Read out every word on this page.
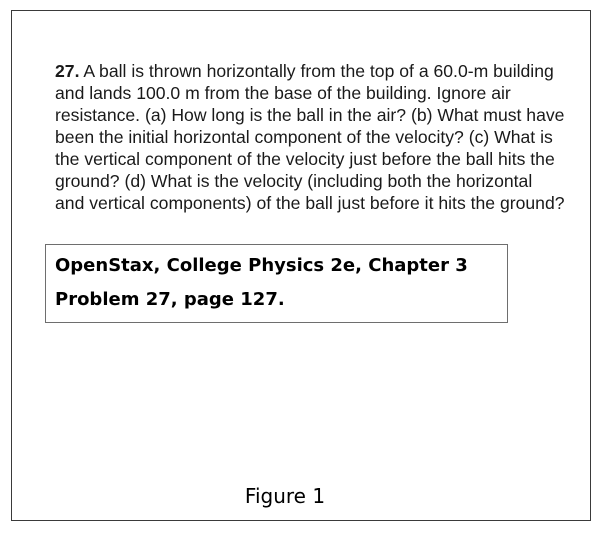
27. A ball is thrown horizontally from the top of a 60.0-m building and lands 100.0 m from the base of the building. Ignore air resistance. (a) How long is the ball in the air? (b) What must have been the initial horizontal component of the velocity? (c) What is the vertical component of the velocity just before the ball hits the ground? (d) What is the velocity (including both the horizontal and vertical components) of the ball just before it hits the ground?
OpenStax, College Physics 2e, Chapter 3
Problem 27, page 127.
Figure 1
